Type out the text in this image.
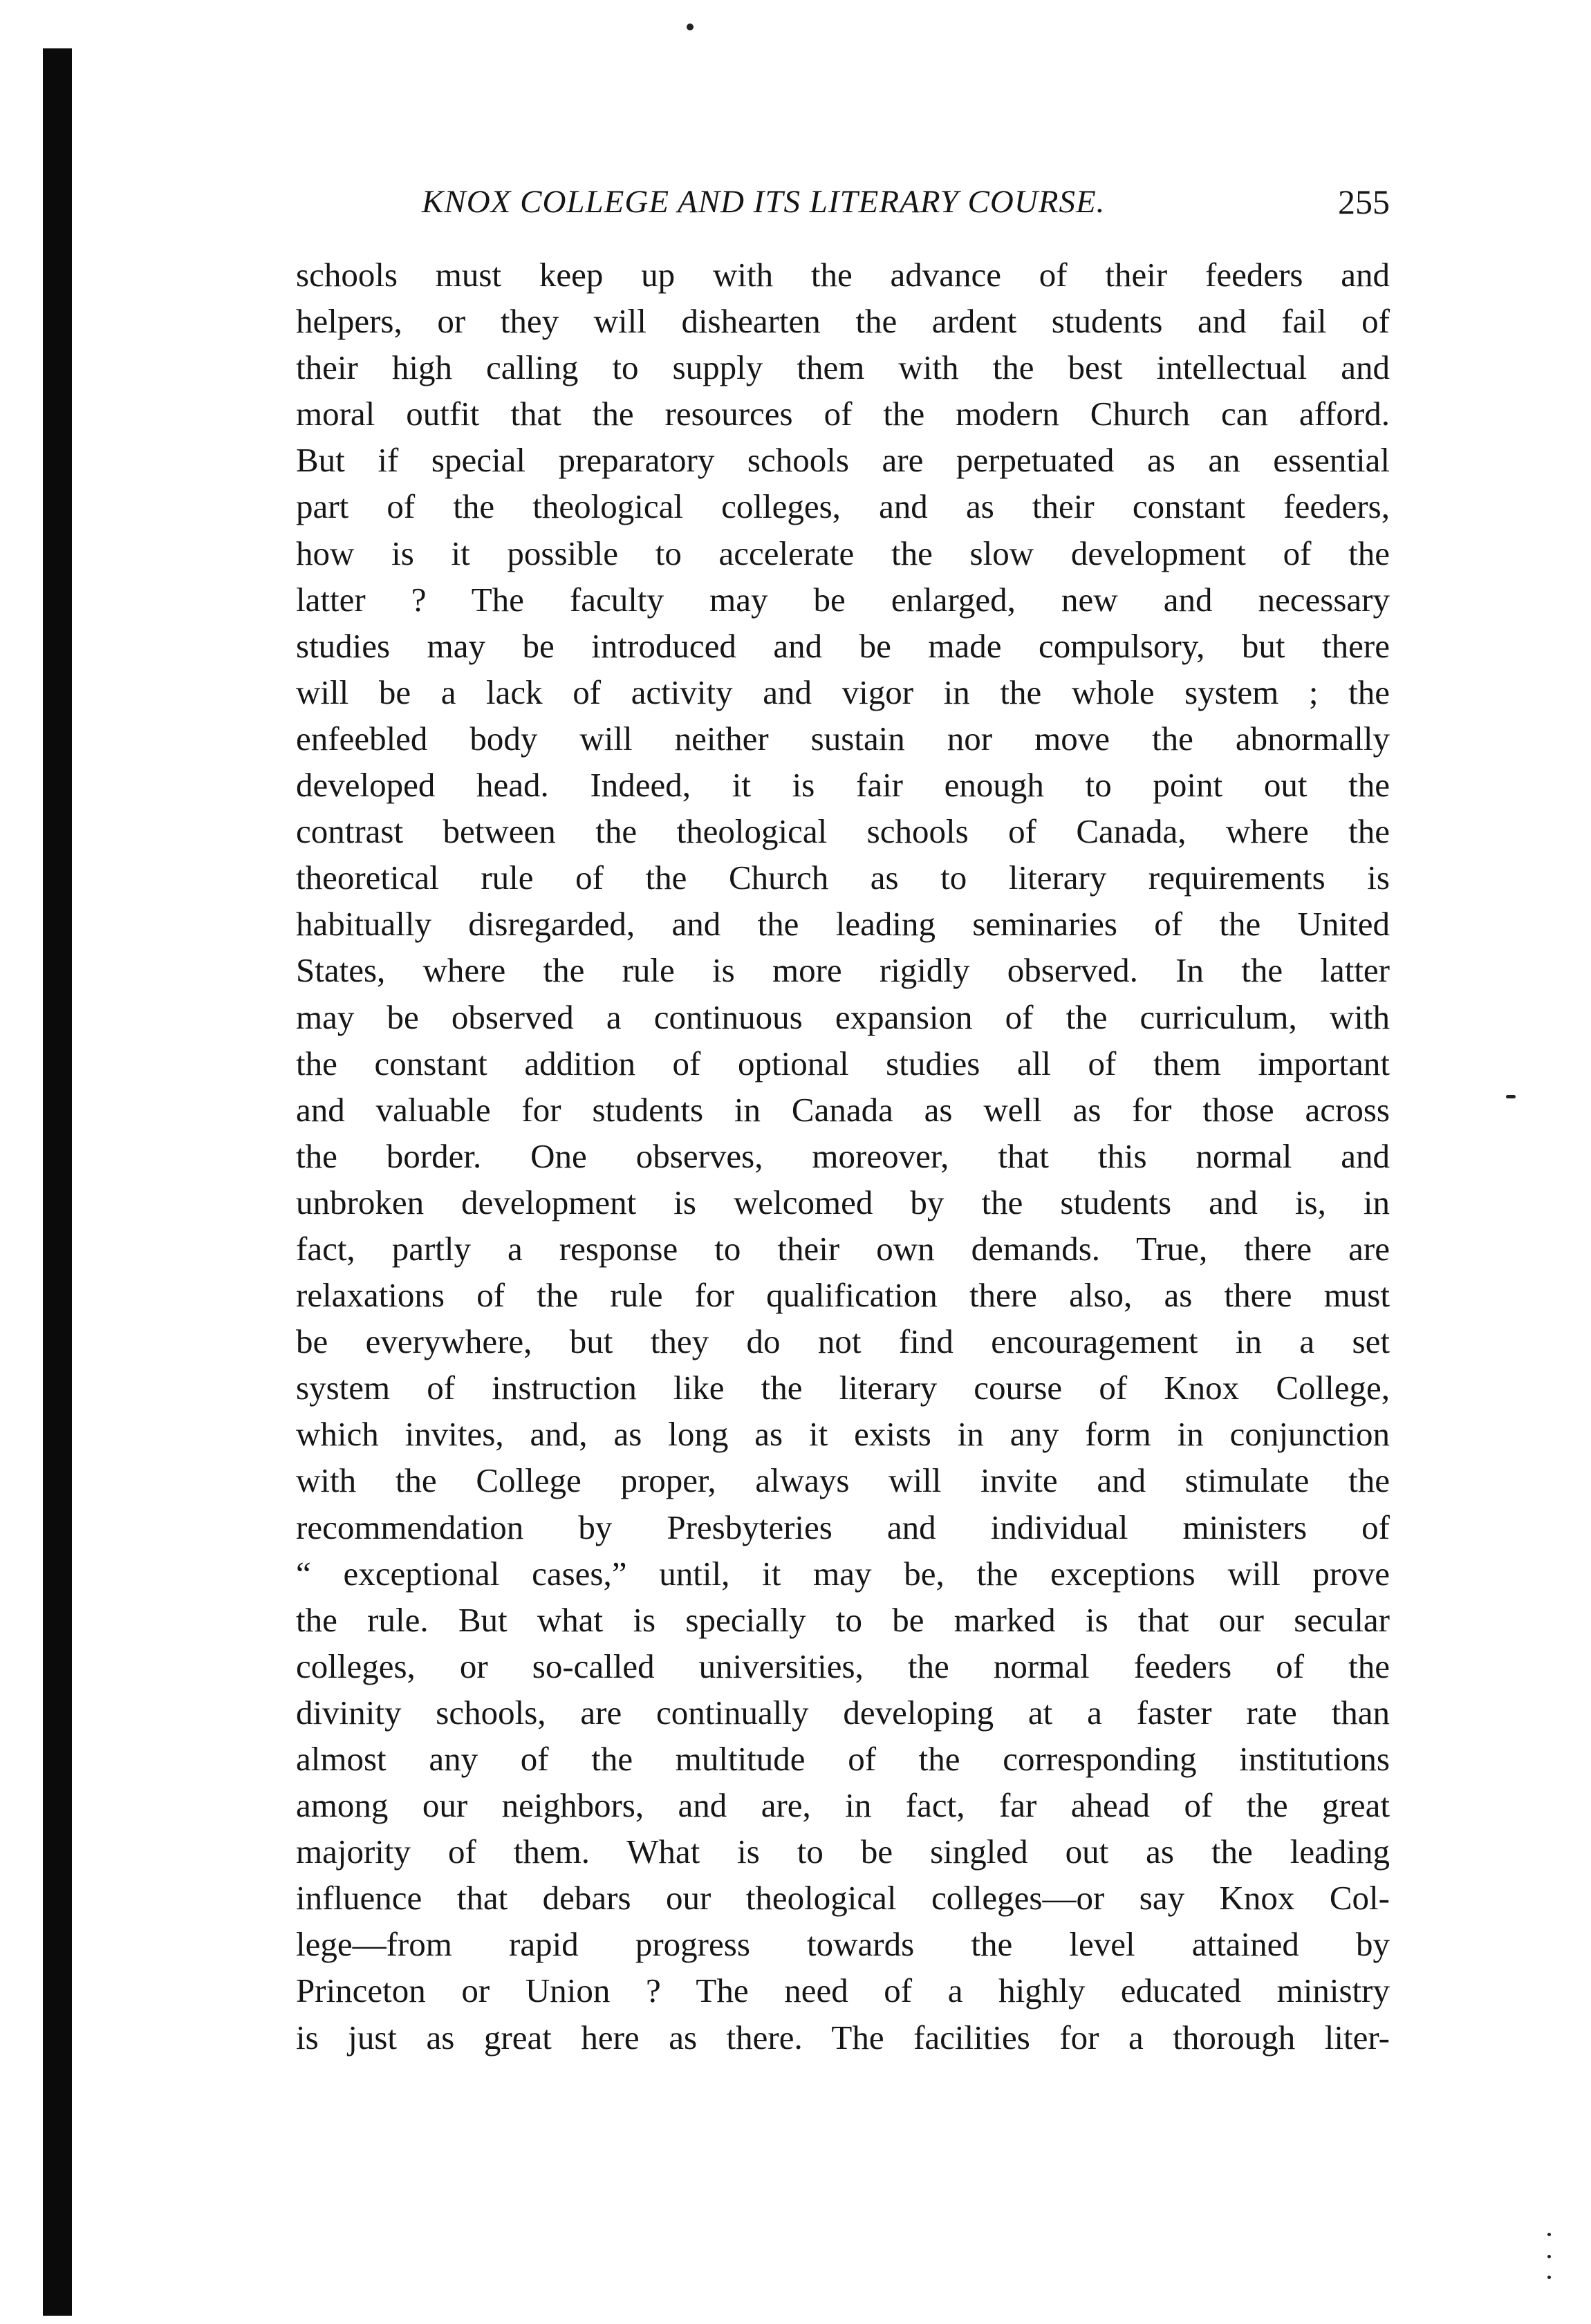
KNOX COLLEGE AND ITS LITERARY COURSE.	255
schools must keep up with the advance of their feeders and
helpers, or they will dishearten the ardent students and fail of
their high calling to supply them with the best intellectual and
moral outfit that the resources of the modern Church can afford.
But if special preparatory schools are perpetuated as an essential
part of the theological colleges, and as their constant feeders,
how is it possible to accelerate the slow development of the
latter ? The faculty may be enlarged, new and necessary
studies may be introduced and be made compulsory, but there
will be a lack of activity and vigor in the whole system ; the
enfeebled body will neither sustain nor move the abnormally
developed head. Indeed, it is fair enough to point out the
contrast between the theological schools of Canada, where the
theoretical rule of the Church as to literary requirements is
habitually disregarded, and the leading seminaries of the United
States, where the rule is more rigidly observed. In the latter
may be observed a continuous expansion of the curriculum, with
the constant addition of optional studies all of them important
and valuable for students in Canada as well as for those across
the border. One observes, moreover, that this normal and
unbroken development is welcomed by the students and is, in
fact, partly a response to their own demands. True, there are
relaxations of the rule for qualification there also, as there must
be everywhere, but they do not find encouragement in a set
system of instruction like the literary course of Knox College,
which invites, and, as long as it exists in any form in conjunction
with the College proper, always will invite and stimulate the
recommendation by Presbyteries and individual ministers of
“ exceptional cases,” until, it may be, the exceptions will prove
the rule. But what is specially to be marked is that our secular
colleges, or so-called universities, the normal feeders of the
divinity schools, are continually developing at a faster rate than
almost any of the multitude of the corresponding institutions
among our neighbors, and are, in fact, far ahead of the great
majority of them. What is to be singled out as the leading
influence that debars our theological colleges—or say Knox Col-
lege—from rapid progress towards the level attained by
Princeton or Union ? The need of a highly educated ministry
is just as great here as there. The facilities for a thorough liter-
